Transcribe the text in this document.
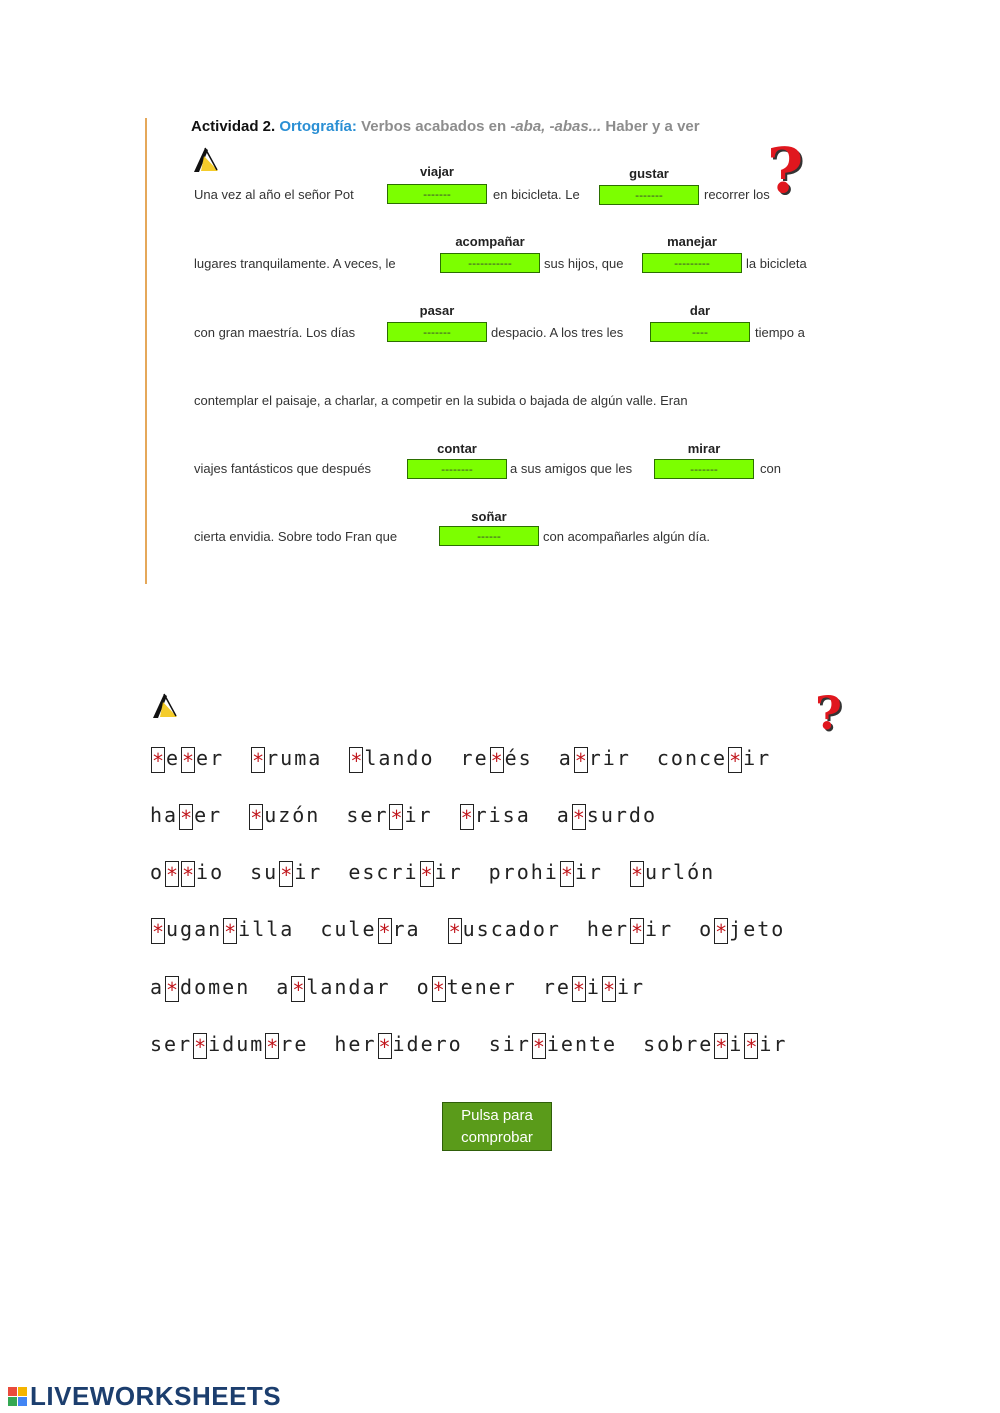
Actividad 2. Ortografía: Verbos acabados en -aba, -abas... Haber y a ver
?
Una vez al año el señor Pot
viajar
-------	en bicicleta. Le
gustar
-------	recorrer los
lugares tranquilamente. A veces, le
acompañar
-----------	sus hijos, que
manejar
---------	la bicicleta
con gran maestría. Los días
pasar
-------	despacio. A los tres les
dar
----	tiempo a
contemplar el paisaje, a charlar, a competir en la subida o bajada de algún valle. Eran
viajes fantásticos que después
contar
--------	a sus amigos que les
mirar
-------	con
cierta envidia. Sobre todo Fran que
soñar
------	con acompañarles algún día.
?
*e *er *ruma *lando re *és a *rir conce *ir
ha *er *uzón ser *ir *risa a *surdo
o * *io su *ir escri *ir prohi *ir *urlón
*ugan *illa cule *ra *uscador her *ir o *jeto
a *domen a *landar o *tener re *i *ir
ser *idum *re her *idero sir *iente sobre *i *ir
Pulsa para comprobar
LIVEWORKSHEETS
